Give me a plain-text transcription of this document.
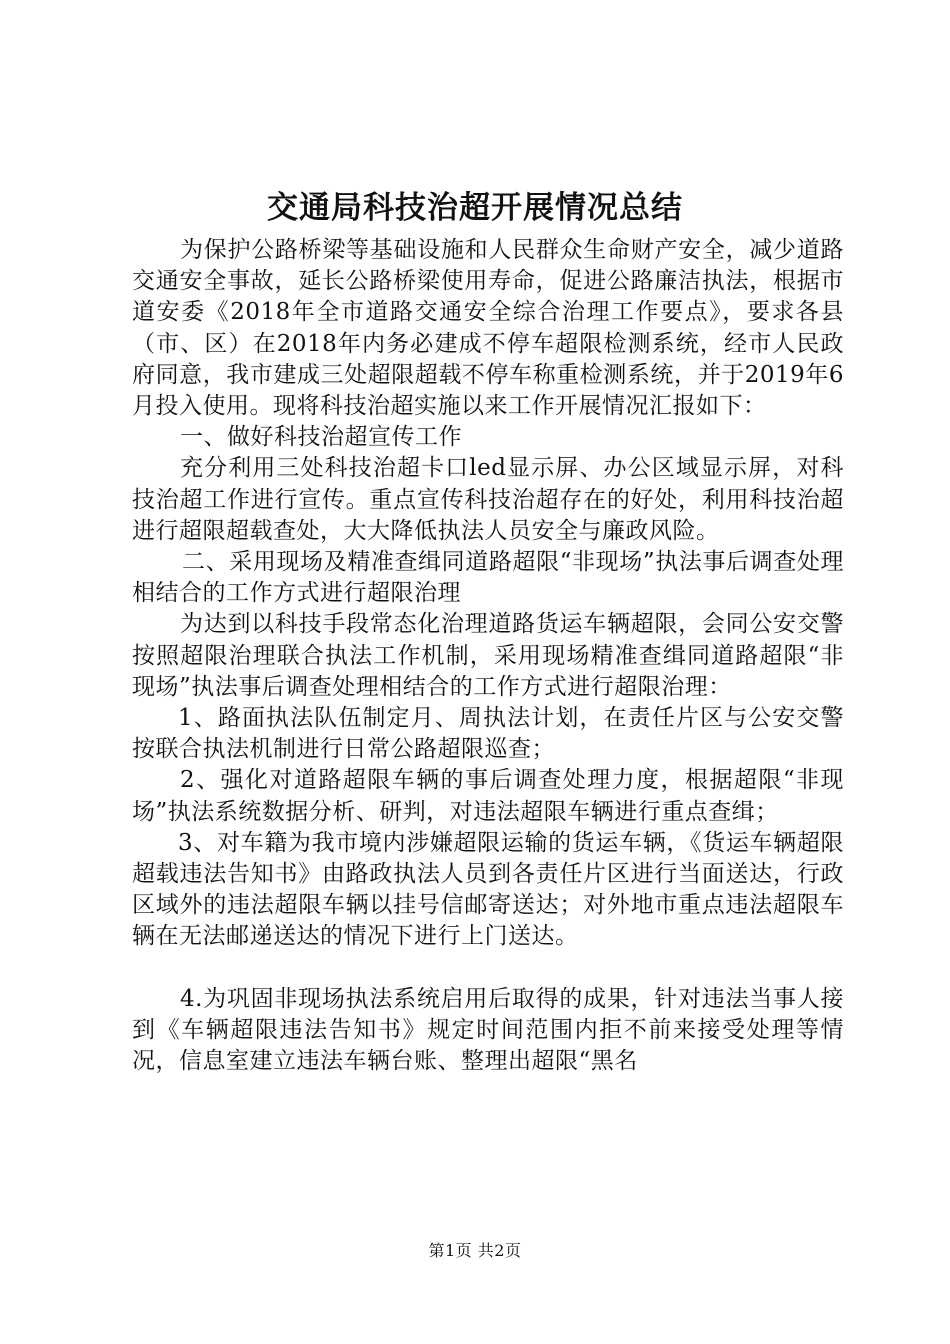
交通局科技治超开展情况总结

为保护公路桥梁等基础设施和人民群众生命财产安全，减少道路交通安全事故，延长公路桥梁使用寿命，促进公路廉洁执法，根据市道安委《2018年全市道路交通安全综合治理工作要点》，要求各县（市、区）在2018年内务必建成不停车超限检测系统，经市人民政府同意，我市建成三处超限超载不停车称重检测系统，并于2019年6月投入使用。现将科技治超实施以来工作开展情况汇报如下：

一、做好科技治超宣传工作

充分利用三处科技治超卡口led显示屏、办公区域显示屏，对科技治超工作进行宣传。重点宣传科技治超存在的好处，利用科技治超进行超限超载查处，大大降低执法人员安全与廉政风险。

二、采用现场及精准查缉同道路超限“非现场”执法事后调查处理相结合的工作方式进行超限治理

为达到以科技手段常态化治理道路货运车辆超限，会同公安交警按照超限治理联合执法工作机制，采用现场精准查缉同道路超限“非现场”执法事后调查处理相结合的工作方式进行超限治理：

1、路面执法队伍制定月、周执法计划，在责任片区与公安交警按联合执法机制进行日常公路超限巡查；

2、强化对道路超限车辆的事后调查处理力度，根据超限“非现场”执法系统数据分析、研判，对违法超限车辆进行重点查缉；

3、对车籍为我市境内涉嫌超限运输的货运车辆，《货运车辆超限超载违法告知书》由路政执法人员到各责任片区进行当面送达，行政区域外的违法超限车辆以挂号信邮寄送达；对外地市重点违法超限车辆在无法邮递送达的情况下进行上门送达。

4.为巩固非现场执法系统启用后取得的成果，针对违法当事人接到《车辆超限违法告知书》规定时间范围内拒不前来接受处理等情况，信息室建立违法车辆台账、整理出超限“黑名

第1页 共2页
